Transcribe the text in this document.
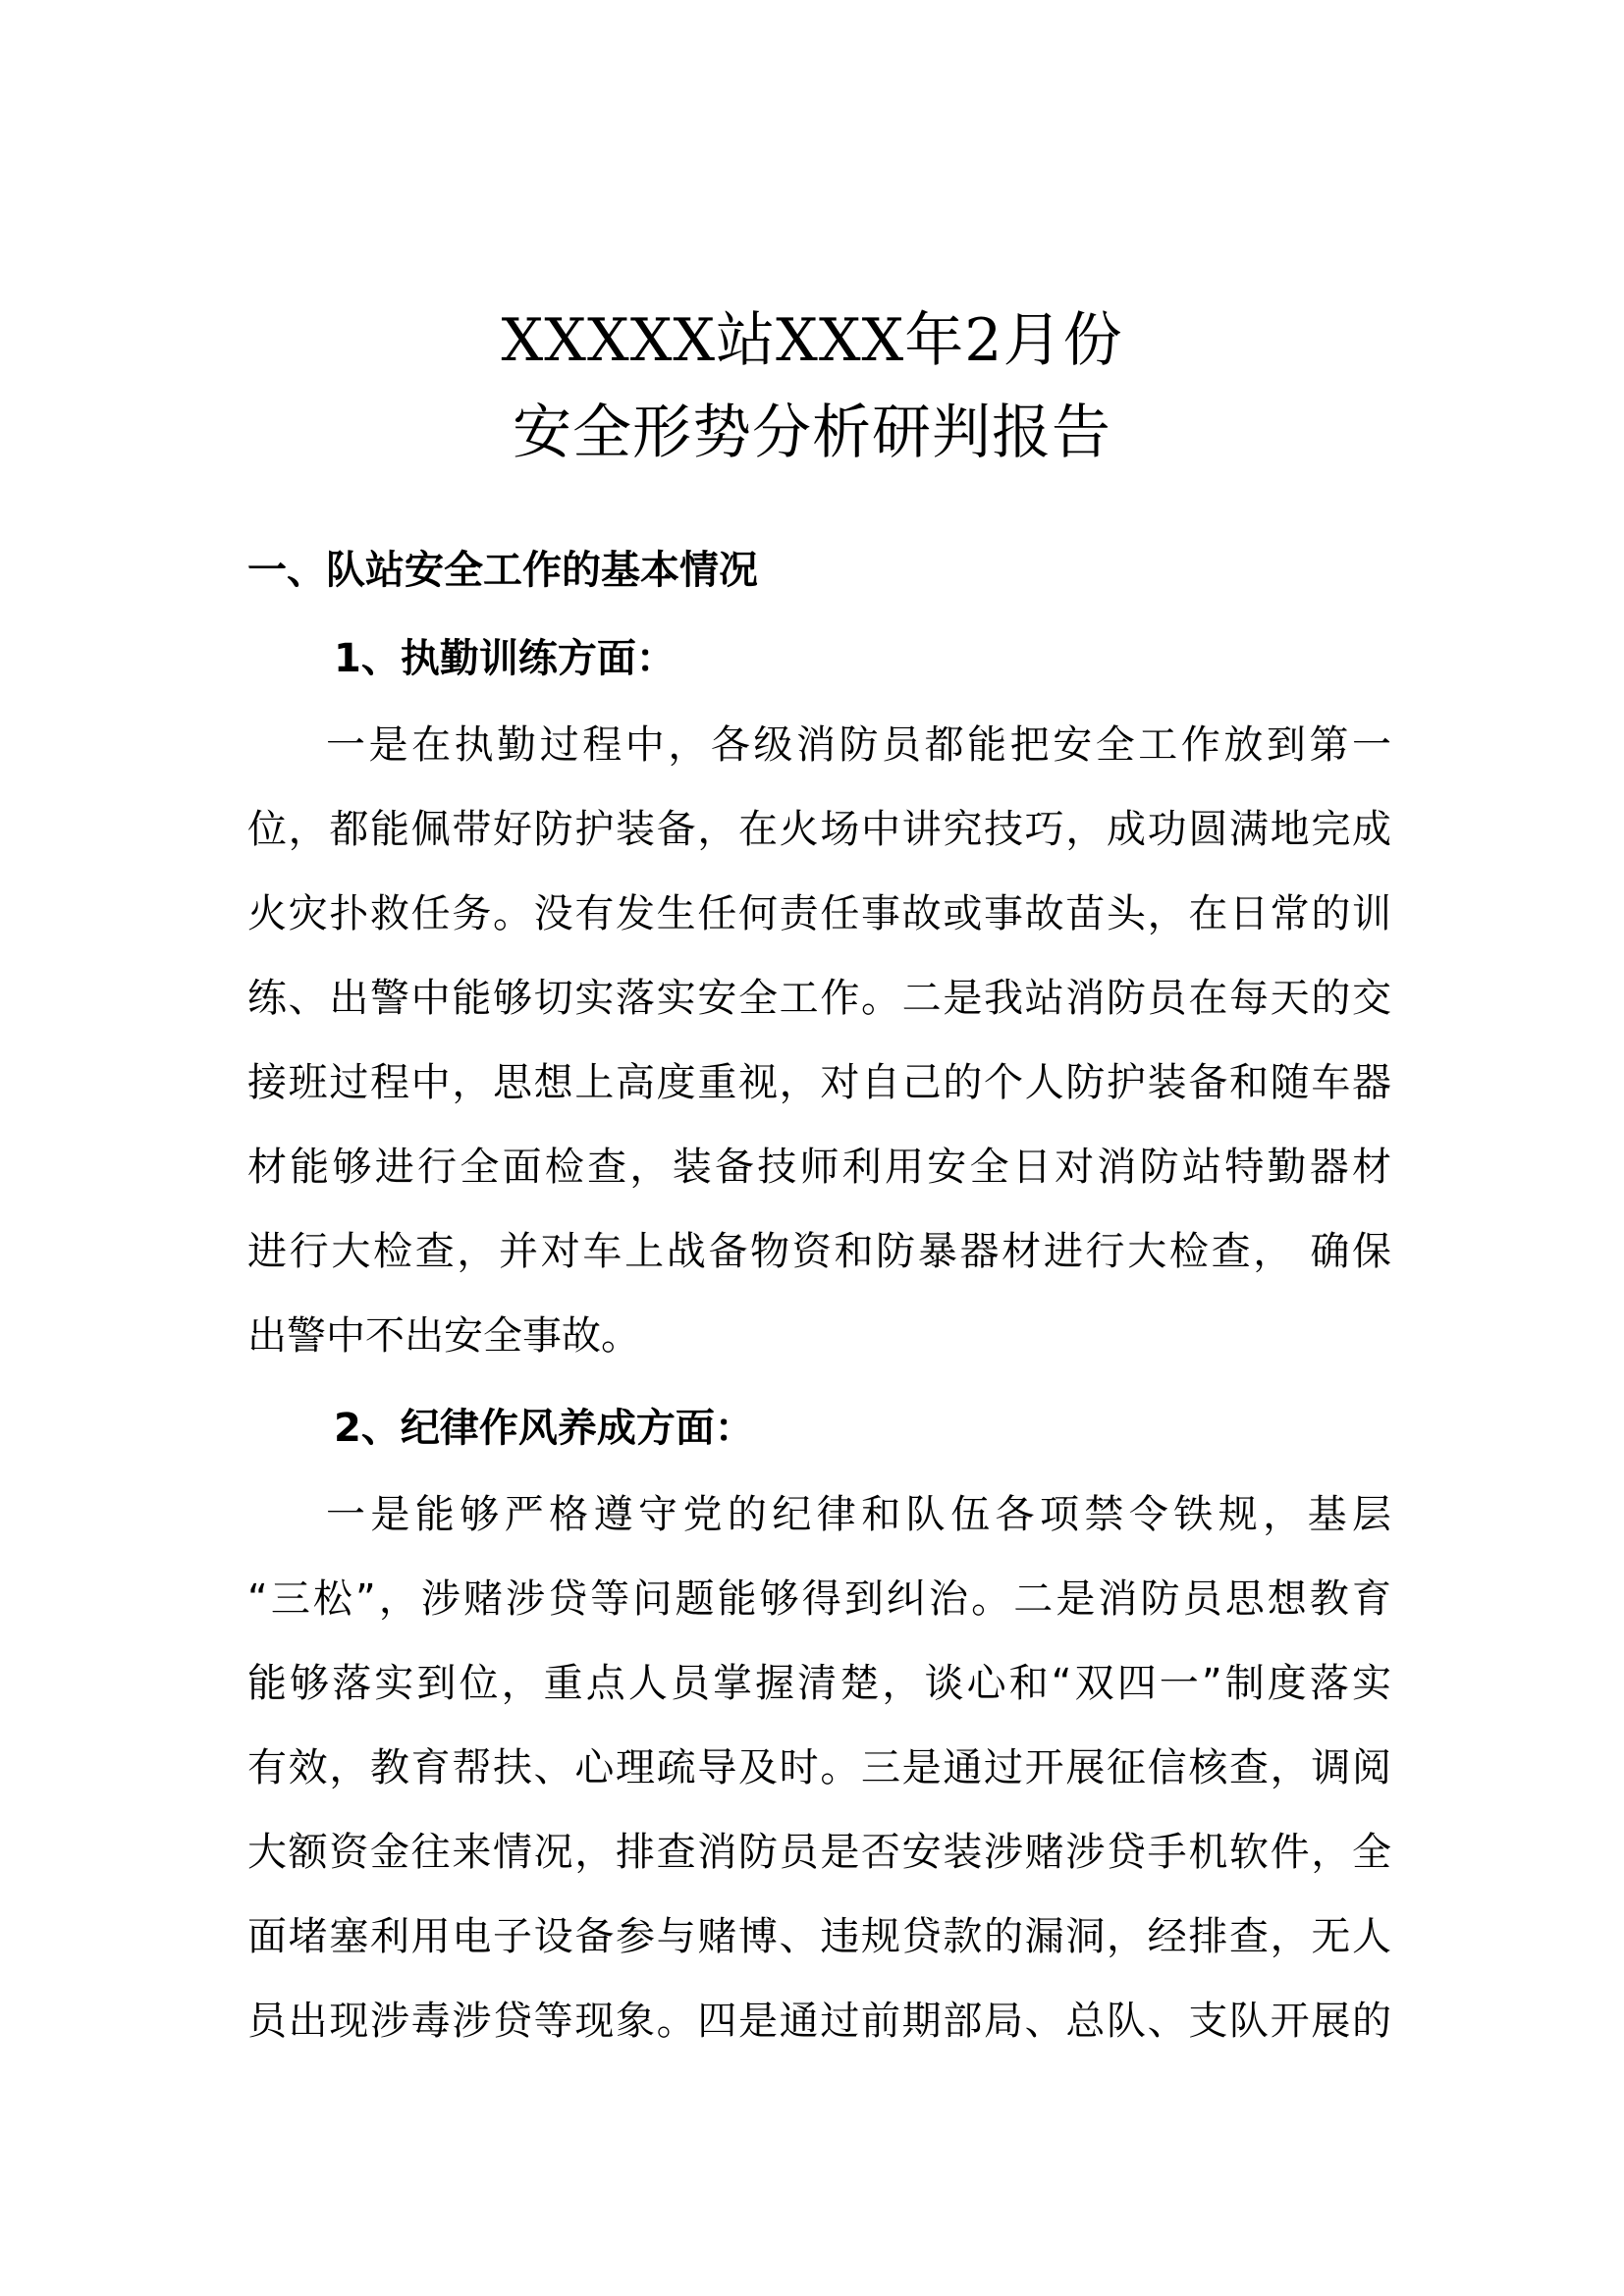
XXXXX站XXX年2月份
安全形势分析研判报告
一、队站安全工作的基本情况
1、执勤训练方面：

一是在执勤过程中，各级消防员都能把安全工作放到第一

位，都能佩带好防护装备，在火场中讲究技巧，成功圆满地完成

火灾扑救任务。没有发生任何责任事故或事故苗头，在日常的训

练、出警中能够切实落实安全工作。二是我站消防员在每天的交

接班过程中，思想上高度重视，对自己的个人防护装备和随车器

材能够进行全面检查，装备技师利用安全日对消防站特勤器材

进行大检查，并对车上战备物资和防暴器材进行大检查， 确保

出警中不出安全事故。

2、纪律作风养成方面：

一是能够严格遵守党的纪律和队伍各项禁令铁规，基层

“三松”，涉赌涉贷等问题能够得到纠治。二是消防员思想教育

能够落实到位，重点人员掌握清楚，谈心和“双四一”制度落实

有效，教育帮扶、心理疏导及时。三是通过开展征信核查，调阅

大额资金往来情况，排查消防员是否安装涉赌涉贷手机软件，全

面堵塞利用电子设备参与赌博、违规贷款的漏洞，经排查，无人

员出现涉毒涉贷等现象。四是通过前期部局、总队、支队开展的
